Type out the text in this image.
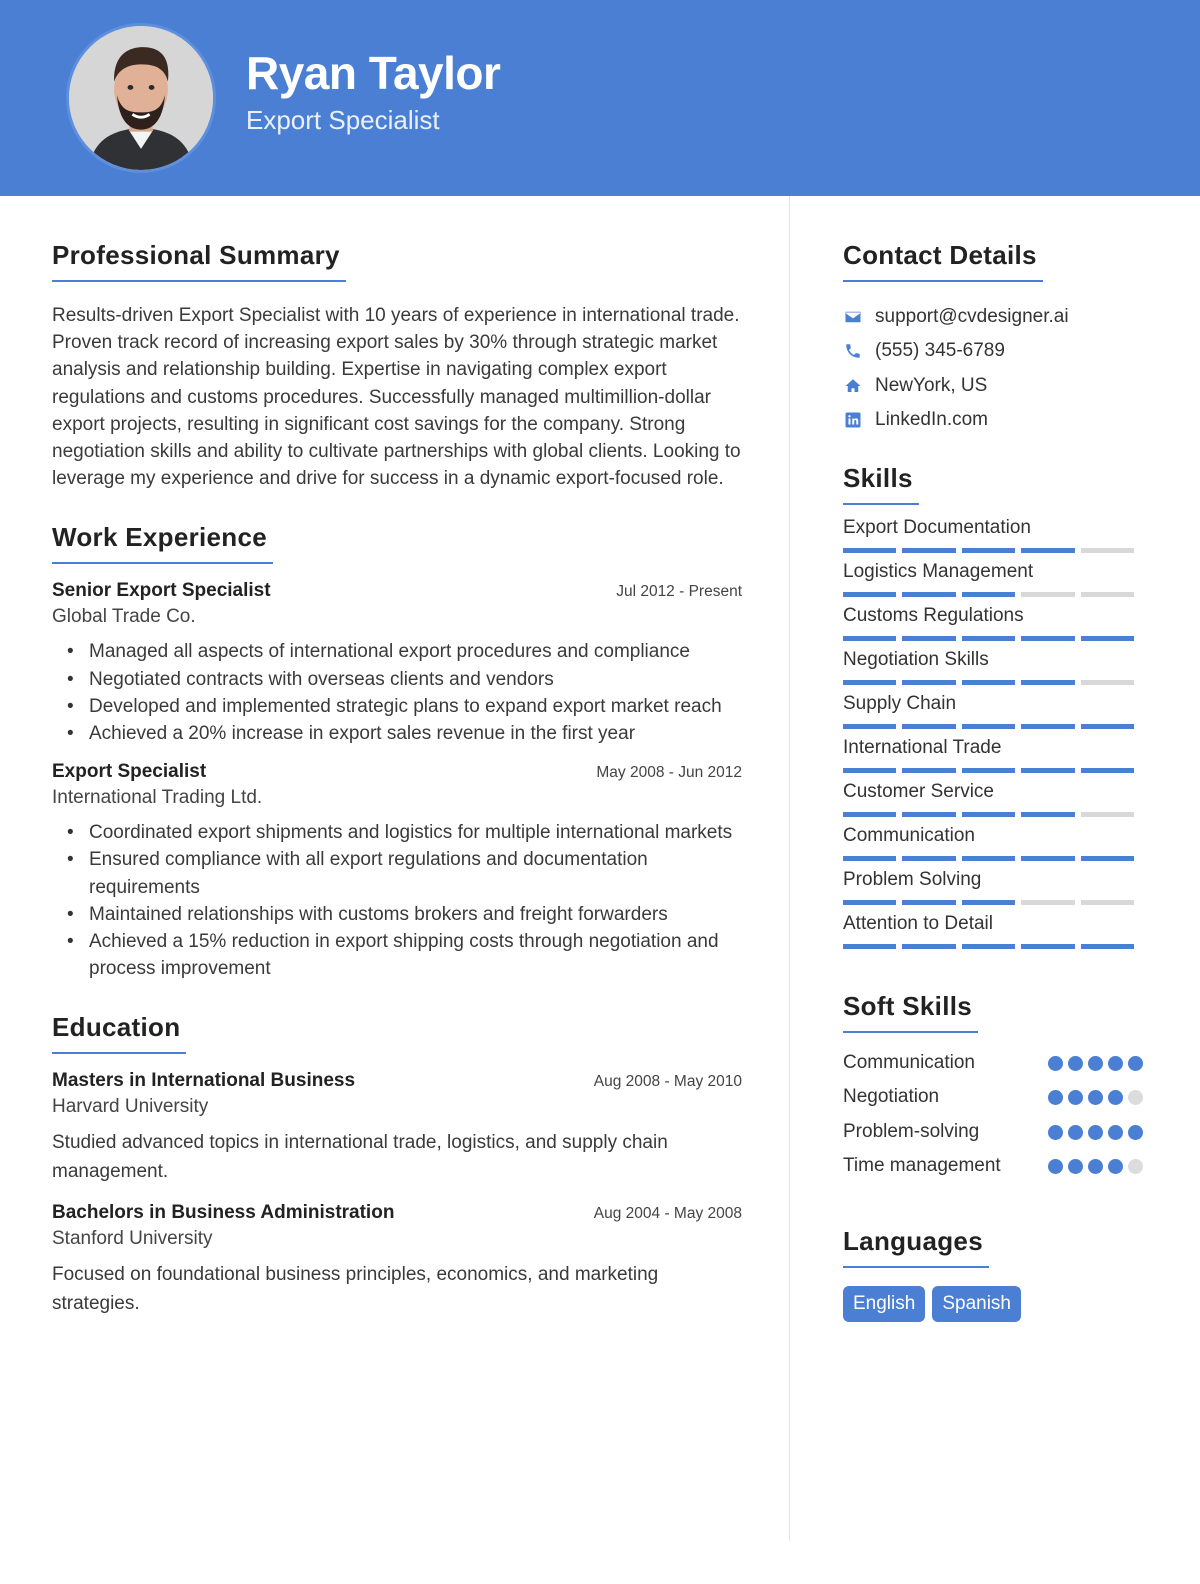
Ryan Taylor
Export Specialist
Professional Summary

Results-driven Export Specialist with 10 years of experience in international trade. Proven track record of increasing export sales by 30% through strategic market analysis and relationship building. Expertise in navigating complex export regulations and customs procedures. Successfully managed multimillion-dollar export projects, resulting in significant cost savings for the company. Strong negotiation skills and ability to cultivate partnerships with global clients. Looking to leverage my experience and drive for success in a dynamic export-focused role.

Work Experience
Senior Export Specialist	Jul 2012 - Present
Global Trade Co.
• Managed all aspects of international export procedures and compliance
• Negotiated contracts with overseas clients and vendors
• Developed and implemented strategic plans to expand export market reach
• Achieved a 20% increase in export sales revenue in the first year
Export Specialist	May 2008 - Jun 2012
International Trading Ltd.
• Coordinated export shipments and logistics for multiple international markets
• Ensured compliance with all export regulations and documentation requirements
• Maintained relationships with customs brokers and freight forwarders
• Achieved a 15% reduction in export shipping costs through negotiation and process improvement
Education
Masters in International Business	Aug 2008 - May 2010
Harvard University

Studied advanced topics in international trade, logistics, and supply chain management.

Bachelors in Business Administration	Aug 2004 - May 2008
Stanford University

Focused on foundational business principles, economics, and marketing strategies.

Contact Details
support@cvdesigner.ai
(555) 345-6789
NewYork, US
LinkedIn.com
Skills
Export Documentation
Logistics Management
Customs Regulations
Negotiation Skills
Supply Chain
International Trade
Customer Service
Communication
Problem Solving
Attention to Detail
Soft Skills
Communication
Negotiation
Problem-solving
Time management
Languages
English	Spanish
